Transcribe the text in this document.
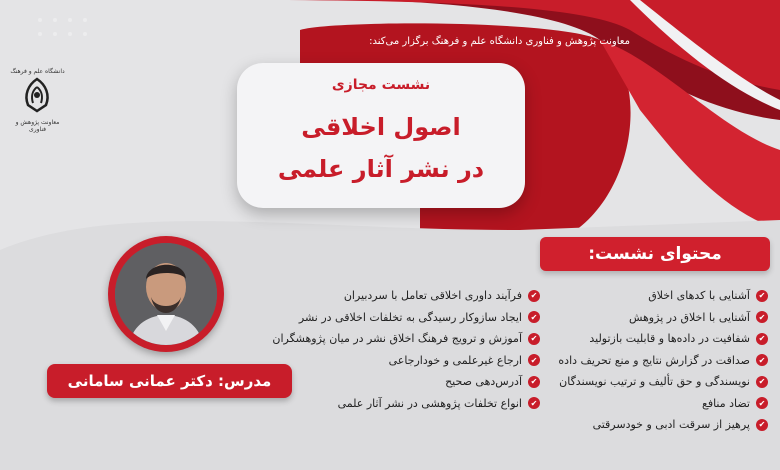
معاونت پژوهش و فناوری دانشگاه علم و فرهنگ برگزار می‌کند:
نشست مجازی
اصول اخلاقی
در نشر آثار علمی
دانشگاه علم و فرهنگ
معاونت پژوهش و فناوری
محتوای نشست:
✔
آشنایی با کدهای اخلاق
✔
آشنایی با اخلاق در پژوهش
✔
شفافیت در داده‌ها و قابلیت بازتولید
✔
صداقت در گزارش نتایج و منع تحریف داده
✔
نویسندگی و حق تألیف و ترتیب نویسندگان
✔
تضاد منافع
✔
پرهیز از سرقت ادبی و خودسرقتی
✔
فرآیند داوری اخلاقی تعامل با سردبیران
✔
ایجاد سازوکار رسیدگی به تخلفات اخلاقی در نشر
✔
آموزش و ترویج فرهنگ اخلاق نشر در میان پژوهشگران
✔
ارجاع غیرعلمی و خودارجاعی
✔
آدرس‌دهی صحیح
✔
انواع تخلفات پژوهشی در نشر آثار علمی
مدرس: دکتر عمانی سامانی
